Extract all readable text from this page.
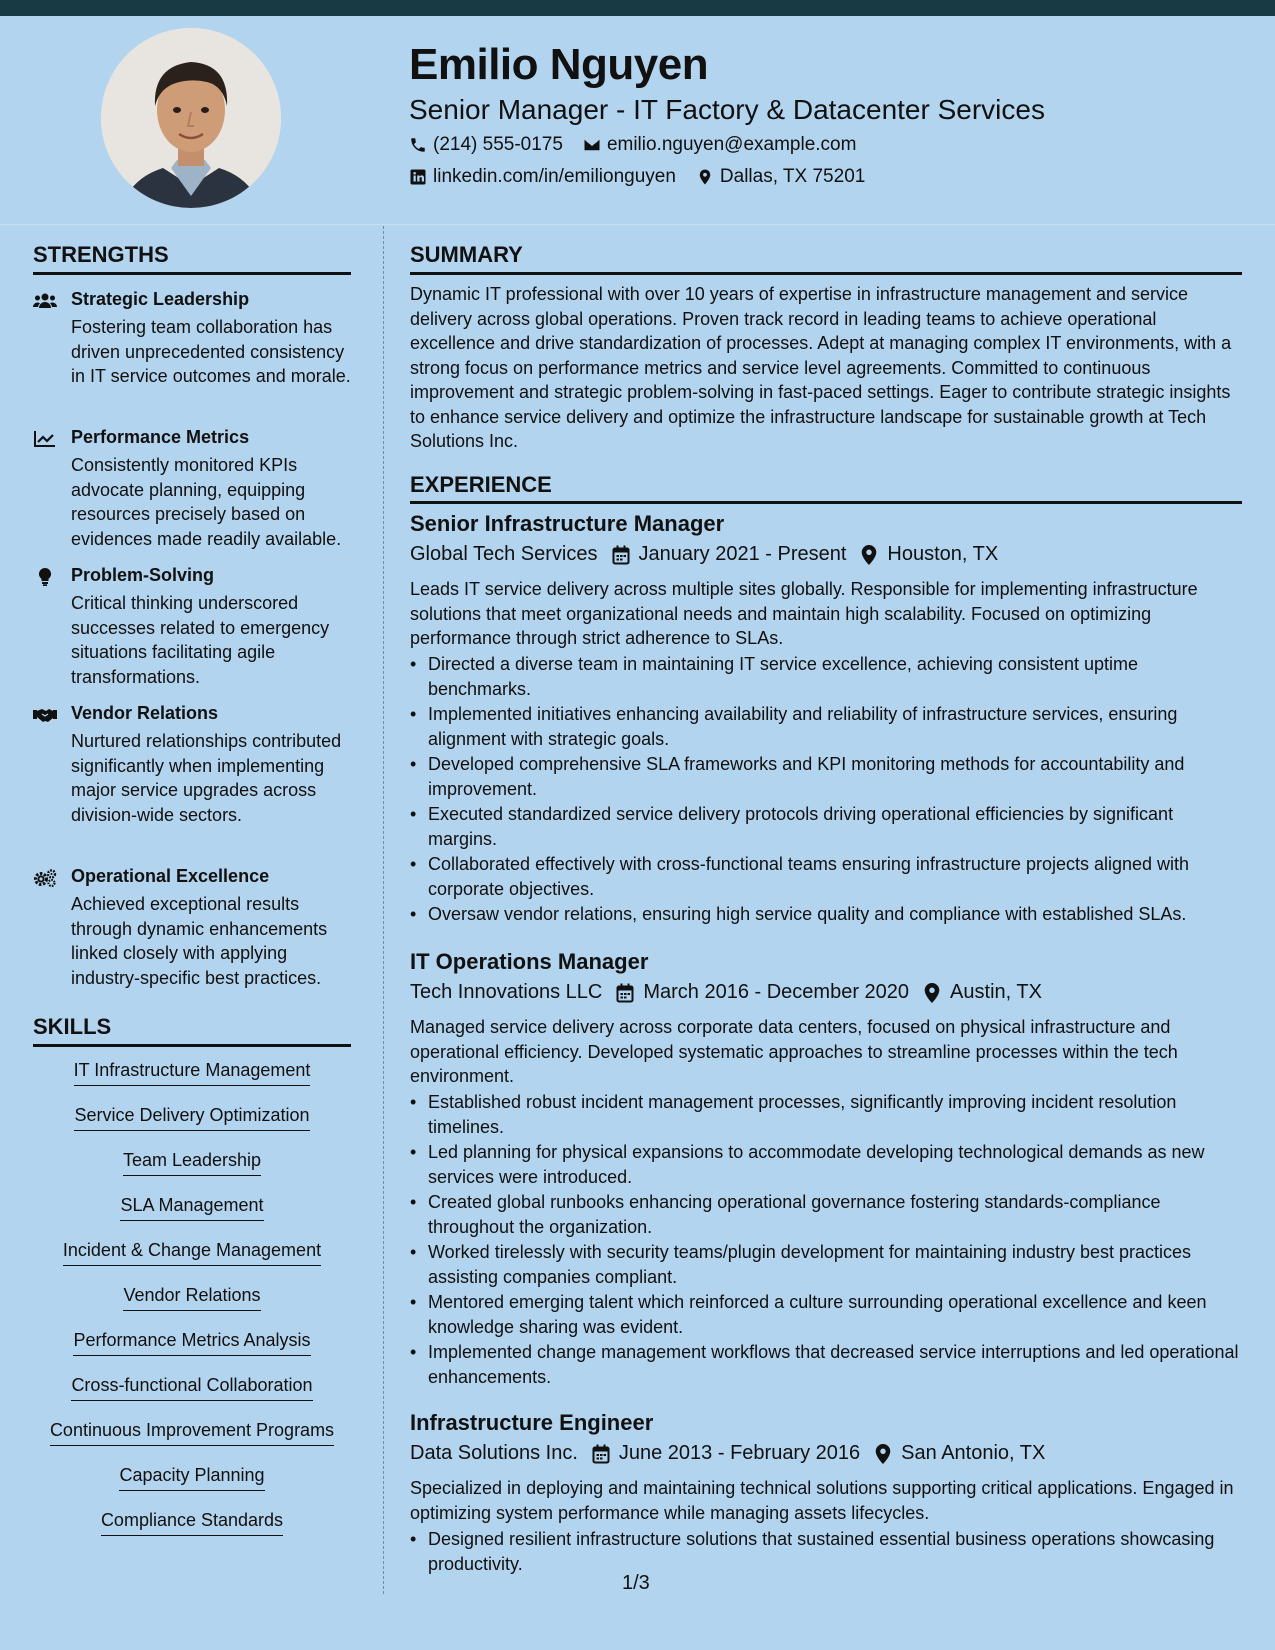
Emilio Nguyen
Senior Manager - IT Factory & Datacenter Services
(214) 555-0175 emilio.nguyen@example.com
linkedin.com/in/emilionguyen Dallas, TX 75201
STRENGTHS
Strategic Leadership
Fostering team collaboration has driven unprecedented consistency in IT service outcomes and morale.
Performance Metrics
Consistently monitored KPIs advocate planning, equipping resources precisely based on evidences made readily available.
Problem-Solving
Critical thinking underscored successes related to emergency situations facilitating agile transformations.
Vendor Relations
Nurtured relationships contributed significantly when implementing major service upgrades across division-wide sectors.
Operational Excellence
Achieved exceptional results through dynamic enhancements linked closely with applying industry-specific best practices.
SKILLS
IT Infrastructure Management
Service Delivery Optimization
Team Leadership
SLA Management
Incident & Change Management
Vendor Relations
Performance Metrics Analysis
Cross-functional Collaboration
Continuous Improvement Programs
Capacity Planning
Compliance Standards
SUMMARY
Dynamic IT professional with over 10 years of expertise in infrastructure management and service delivery across global operations. Proven track record in leading teams to achieve operational excellence and drive standardization of processes. Adept at managing complex IT environments, with a strong focus on performance metrics and service level agreements. Committed to continuous improvement and strategic problem-solving in fast-paced settings. Eager to contribute strategic insights to enhance service delivery and optimize the infrastructure landscape for sustainable growth at Tech Solutions Inc.
EXPERIENCE
Senior Infrastructure Manager
Global Tech Services January 2021 - Present Houston, TX
Leads IT service delivery across multiple sites globally. Responsible for implementing infrastructure solutions that meet organizational needs and maintain high scalability. Focused on optimizing performance through strict adherence to SLAs.
• Directed a diverse team in maintaining IT service excellence, achieving consistent uptime benchmarks.
• Implemented initiatives enhancing availability and reliability of infrastructure services, ensuring alignment with strategic goals.
• Developed comprehensive SLA frameworks and KPI monitoring methods for accountability and improvement.
• Executed standardized service delivery protocols driving operational efficiencies by significant margins.
• Collaborated effectively with cross-functional teams ensuring infrastructure projects aligned with corporate objectives.
• Oversaw vendor relations, ensuring high service quality and compliance with established SLAs.
IT Operations Manager
Tech Innovations LLC March 2016 - December 2020 Austin, TX
Managed service delivery across corporate data centers, focused on physical infrastructure and operational efficiency. Developed systematic approaches to streamline processes within the tech environment.
• Established robust incident management processes, significantly improving incident resolution timelines.
• Led planning for physical expansions to accommodate developing technological demands as new services were introduced.
• Created global runbooks enhancing operational governance fostering standards-compliance throughout the organization.
• Worked tirelessly with security teams/plugin development for maintaining industry best practices assisting companies compliant.
• Mentored emerging talent which reinforced a culture surrounding operational excellence and keen knowledge sharing was evident.
• Implemented change management workflows that decreased service interruptions and led operational enhancements.
Infrastructure Engineer
Data Solutions Inc. June 2013 - February 2016 San Antonio, TX
Specialized in deploying and maintaining technical solutions supporting critical applications. Engaged in optimizing system performance while managing assets lifecycles.
• Designed resilient infrastructure solutions that sustained essential business operations showcasing productivity.
1/3
